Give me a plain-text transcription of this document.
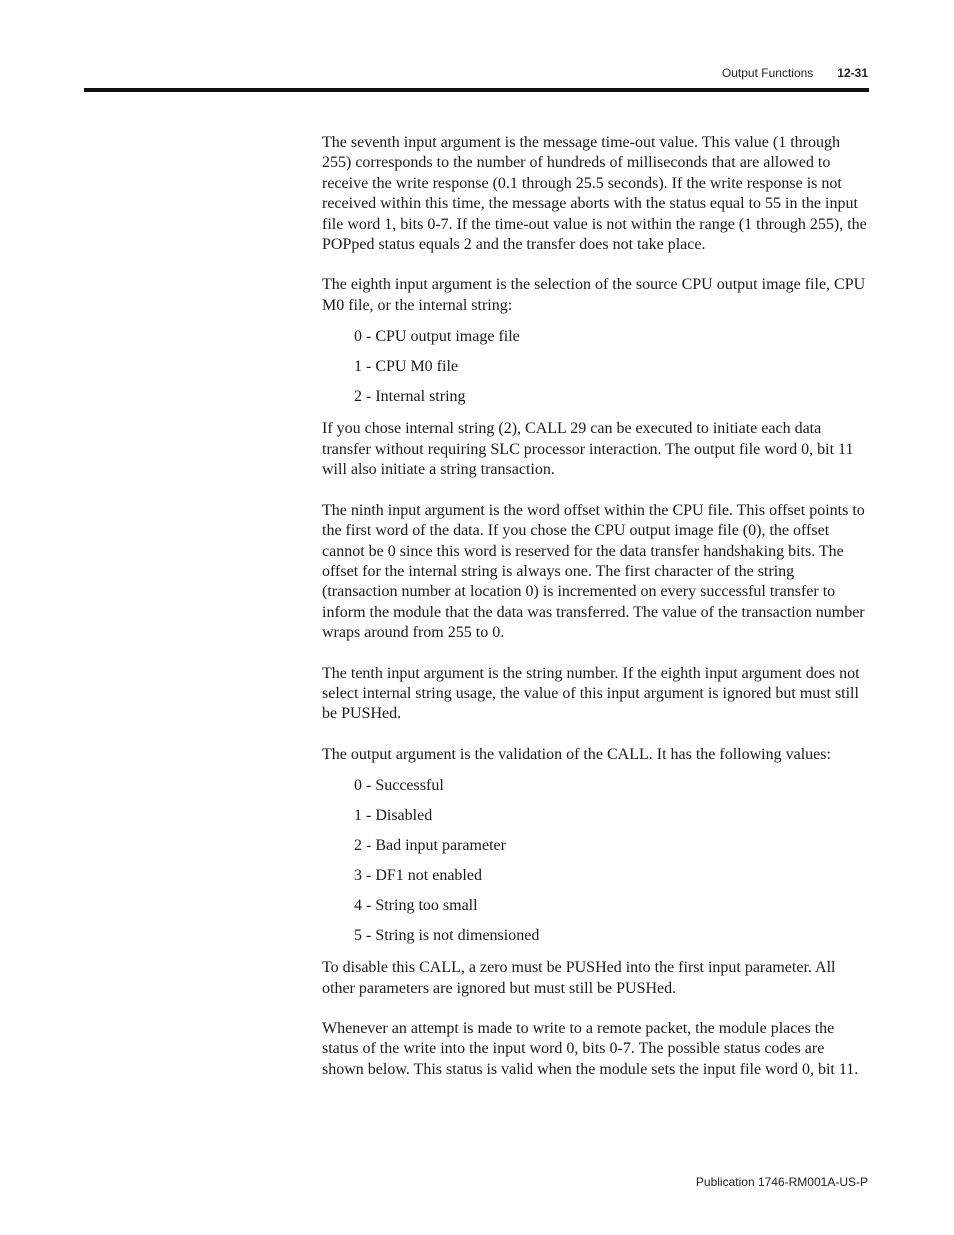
Output Functions 12-31

The seventh input argument is the message time-out value. This value (1 through 255) corresponds to the number of hundreds of milliseconds that are allowed to receive the write response (0.1 through 25.5 seconds). If the write response is not received within this time, the message aborts with the status equal to 55 in the input file word 1, bits 0-7. If the time-out value is not within the range (1 through 255), the POPped status equals 2 and the transfer does not take place.

The eighth input argument is the selection of the source CPU output image file, CPU M0 file, or the internal string:

0 - CPU output image file
1 - CPU M0 file
2 - Internal string

If you chose internal string (2), CALL 29 can be executed to initiate each data transfer without requiring SLC processor interaction. The output file word 0, bit 11 will also initiate a string transaction.

The ninth input argument is the word offset within the CPU file. This offset points to the first word of the data. If you chose the CPU output image file (0), the offset cannot be 0 since this word is reserved for the data transfer handshaking bits. The offset for the internal string is always one. The first character of the string (transaction number at location 0) is incremented on every successful transfer to inform the module that the data was transferred. The value of the transaction number wraps around from 255 to 0.

The tenth input argument is the string number. If the eighth input argument does not select internal string usage, the value of this input argument is ignored but must still be PUSHed.

The output argument is the validation of the CALL. It has the following values:

0 - Successful
1 - Disabled
2 - Bad input parameter
3 - DF1 not enabled
4 - String too small
5 - String is not dimensioned

To disable this CALL, a zero must be PUSHed into the first input parameter. All other parameters are ignored but must still be PUSHed.

Whenever an attempt is made to write to a remote packet, the module places the status of the write into the input word 0, bits 0-7. The possible status codes are shown below. This status is valid when the module sets the input file word 0, bit 11.

Publication 1746-RM001A-US-P
